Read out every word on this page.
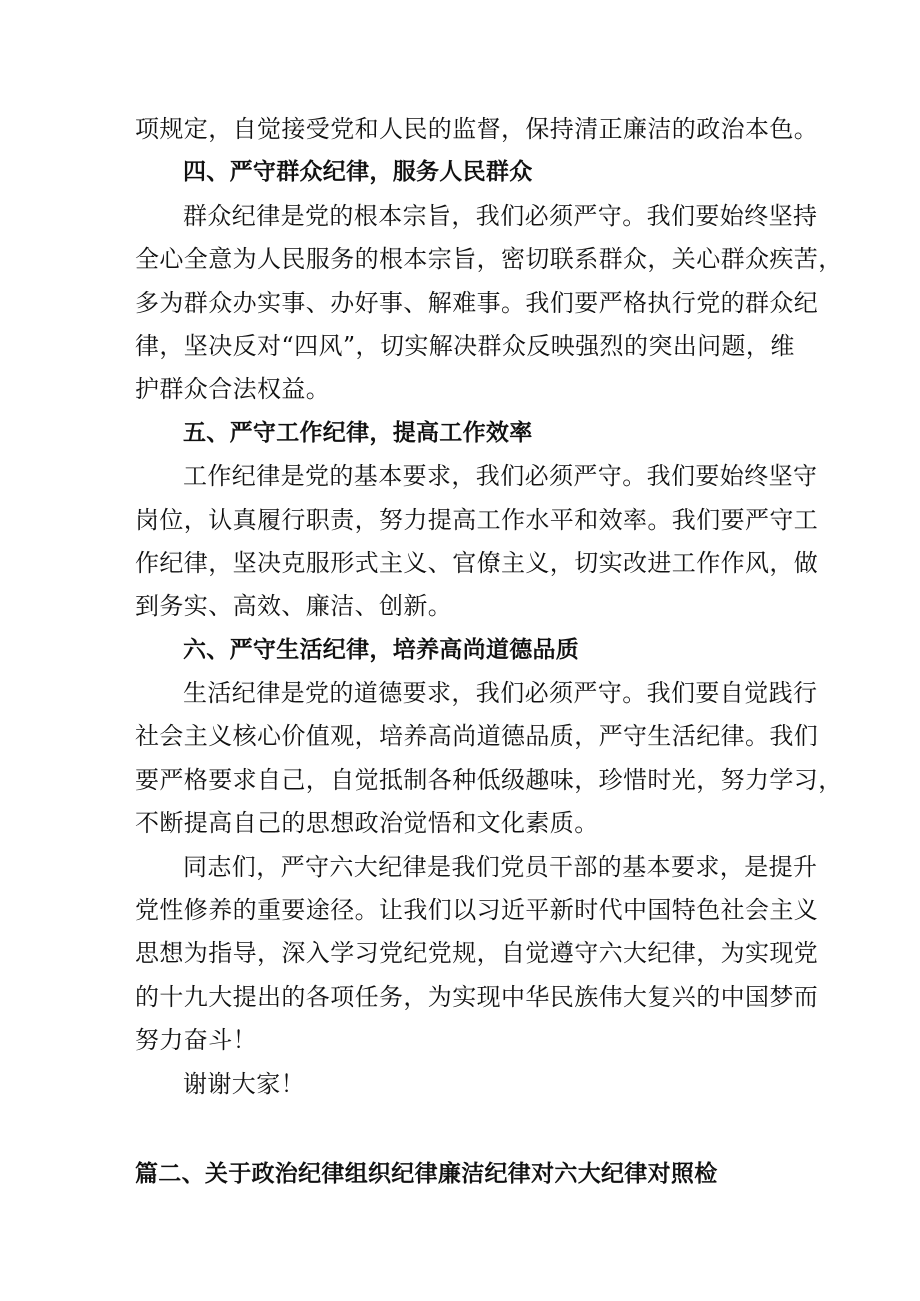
项规定，自觉接受党和人民的监督，保持清正廉洁的政治本色。
四、严守群众纪律，服务人民群众
群众纪律是党的根本宗旨，我们必须严守。我们要始终坚持
全心全意为人民服务的根本宗旨，密切联系群众，关心群众疾苦，
多为群众办实事、办好事、解难事。我们要严格执行党的群众纪
律，坚决反对“四风”，切实解决群众反映强烈的突出问题，维
护群众合法权益。
五、严守工作纪律，提高工作效率
工作纪律是党的基本要求，我们必须严守。我们要始终坚守
岗位，认真履行职责，努力提高工作水平和效率。我们要严守工
作纪律，坚决克服形式主义、官僚主义，切实改进工作作风，做
到务实、高效、廉洁、创新。
六、严守生活纪律，培养高尚道德品质
生活纪律是党的道德要求，我们必须严守。我们要自觉践行
社会主义核心价值观，培养高尚道德品质，严守生活纪律。我们
要严格要求自己，自觉抵制各种低级趣味，珍惜时光，努力学习，
不断提高自己的思想政治觉悟和文化素质。
同志们，严守六大纪律是我们党员干部的基本要求，是提升
党性修养的重要途径。让我们以习近平新时代中国特色社会主义
思想为指导，深入学习党纪党规，自觉遵守六大纪律，为实现党
的十九大提出的各项任务，为实现中华民族伟大复兴的中国梦而
努力奋斗！
谢谢大家！
篇二、关于政治纪律组织纪律廉洁纪律对六大纪律对照检
